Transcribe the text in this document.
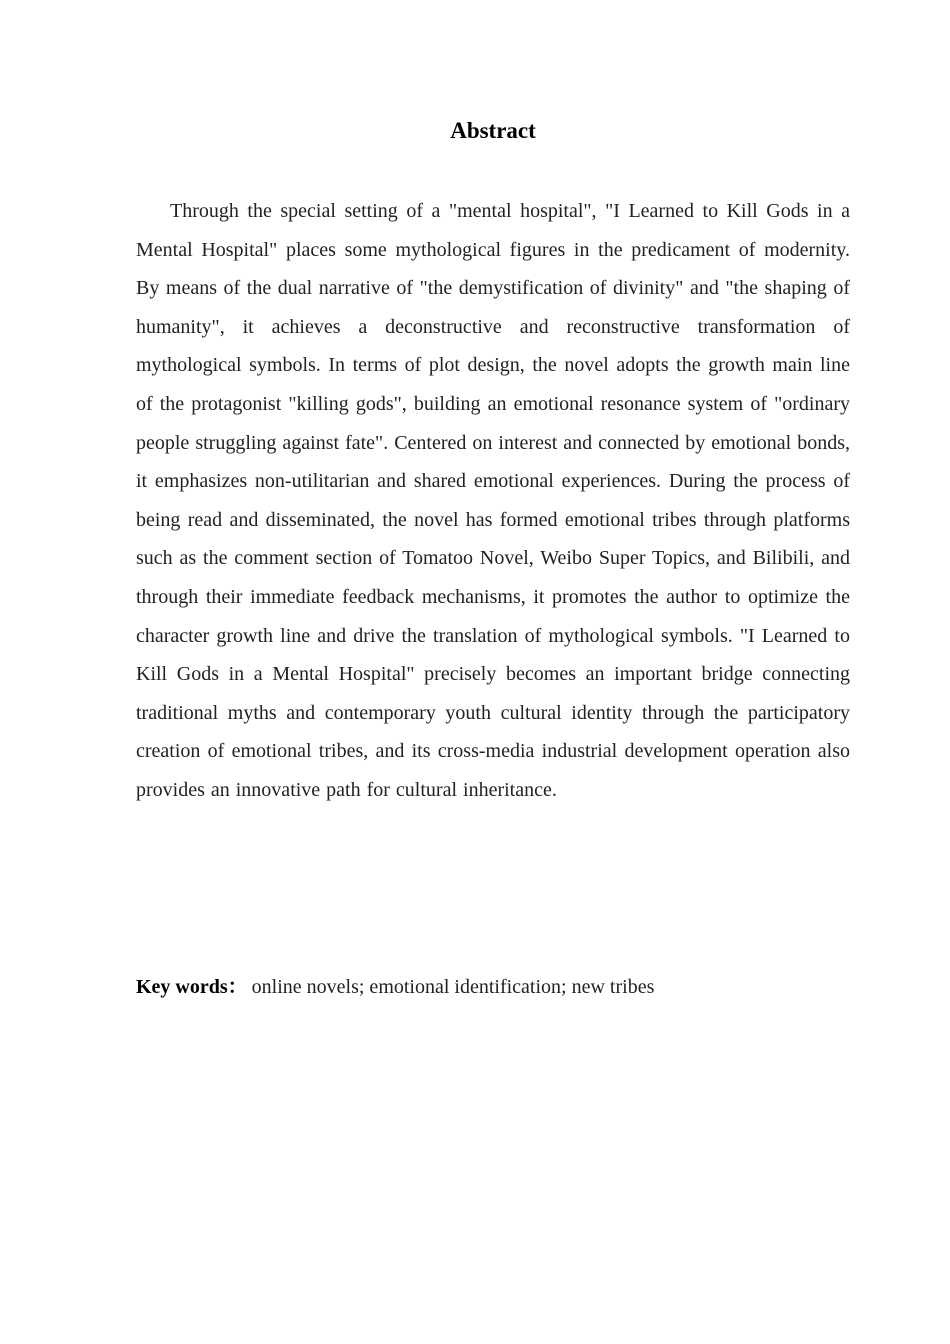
Abstract

Through the special setting of a "mental hospital", "I Learned to Kill Gods in a Mental Hospital" places some mythological figures in the predicament of modernity. By means of the dual narrative of "the demystification of divinity" and "the shaping of humanity", it achieves a deconstructive and reconstructive transformation of mythological symbols. In terms of plot design, the novel adopts the growth main line of the protagonist "killing gods", building an emotional resonance system of "ordinary people struggling against fate". Centered on interest and connected by emotional bonds, it emphasizes non-utilitarian and shared emotional experiences. During the process of being read and disseminated, the novel has formed emotional tribes through platforms such as the comment section of Tomatoo Novel, Weibo Super Topics, and Bilibili, and through their immediate feedback mechanisms, it promotes the author to optimize the character growth line and drive the translation of mythological symbols. "I Learned to Kill Gods in a Mental Hospital" precisely becomes an important bridge connecting traditional myths and contemporary youth cultural identity through the participatory creation of emotional tribes, and its cross-media industrial development operation also provides an innovative path for cultural inheritance.

Key words： online novels; emotional identification; new tribes
